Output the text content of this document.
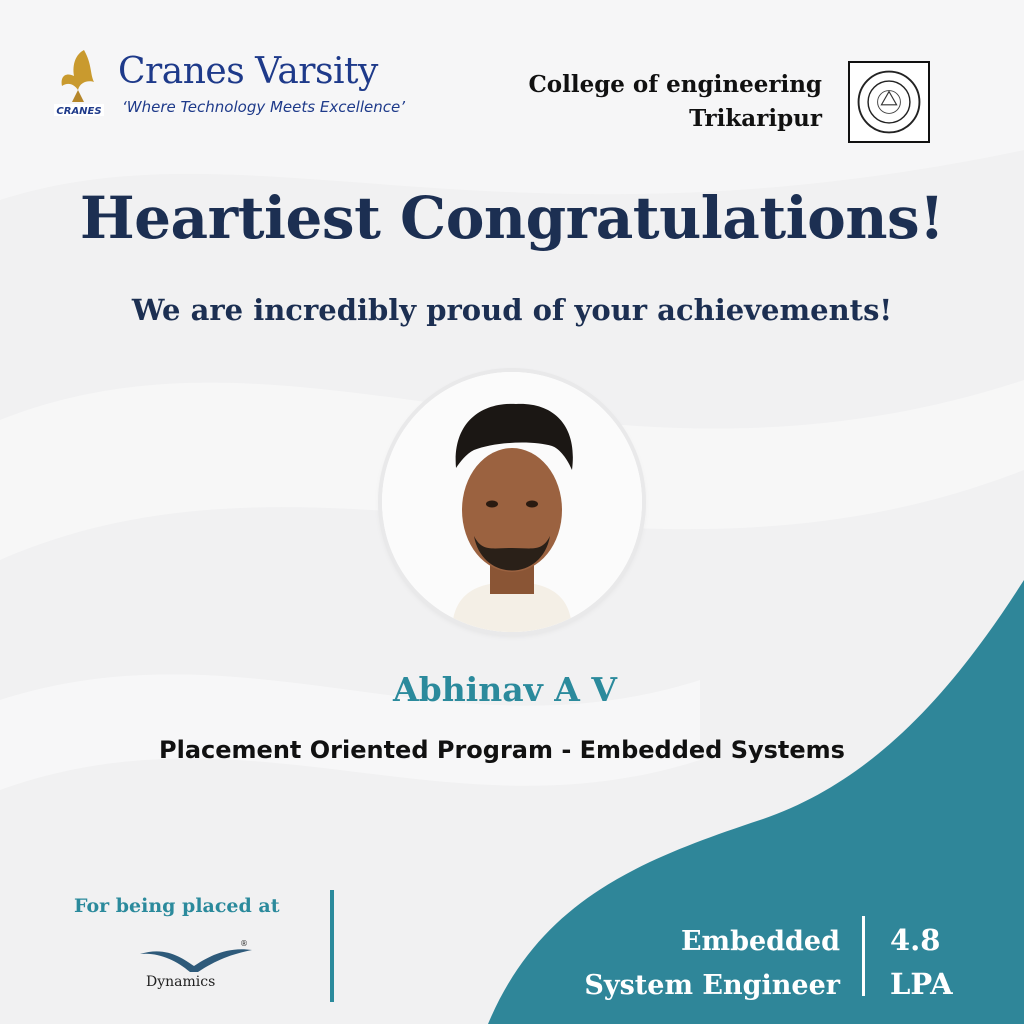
CRANES
Cranes Varsity
‘Where Technology Meets Excellence’
College of engineering
Trikaripur
Heartiest Congratulations!
We are incredibly proud of your achievements!
Abhinav A V
Placement Oriented Program - Embedded Systems
For being placed at
®
Dynamics
Embedded
System Engineer
4.8
LPA
